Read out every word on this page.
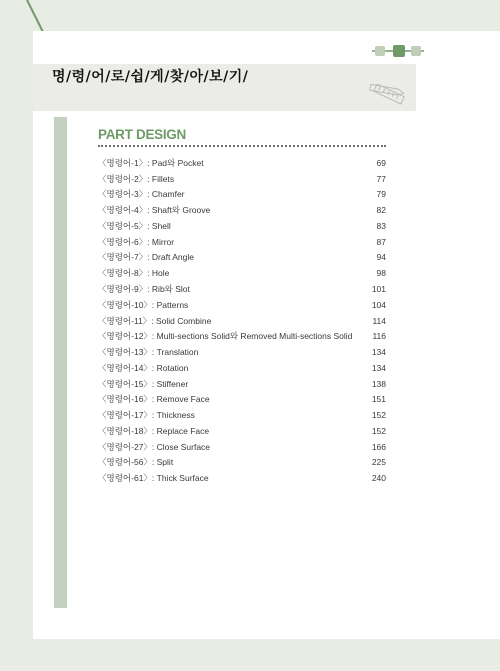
명/령/어/로/쉽/게/찾/아/보/기/
PART DESIGN
〈명령어-1〉: Pad와 Pocket	69
〈명령어-2〉: Fillets	77
〈명령어-3〉: Chamfer	79
〈명령어-4〉: Shaft와 Groove	82
〈명령어-5〉: Shell	83
〈명령어-6〉: Mirror	87
〈명령어-7〉: Draft Angle	94
〈명령어-8〉: Hole	98
〈명령어-9〉: Rib와 Slot	101
〈명령어-10〉: Patterns	104
〈명령어-11〉: Solid Combine	114
〈명령어-12〉: Multi-sections Solid와 Removed Multi-sections Solid 116
〈명령어-13〉: Translation	134
〈명령어-14〉: Rotation	134
〈명령어-15〉: Stiffener	138
〈명령어-16〉: Remove Face	151
〈명령어-17〉: Thickness	152
〈명령어-18〉: Replace Face	152
〈명령어-27〉: Close Surface	166
〈명령어-56〉: Split	225
〈명령어-61〉: Thick Surface	240
